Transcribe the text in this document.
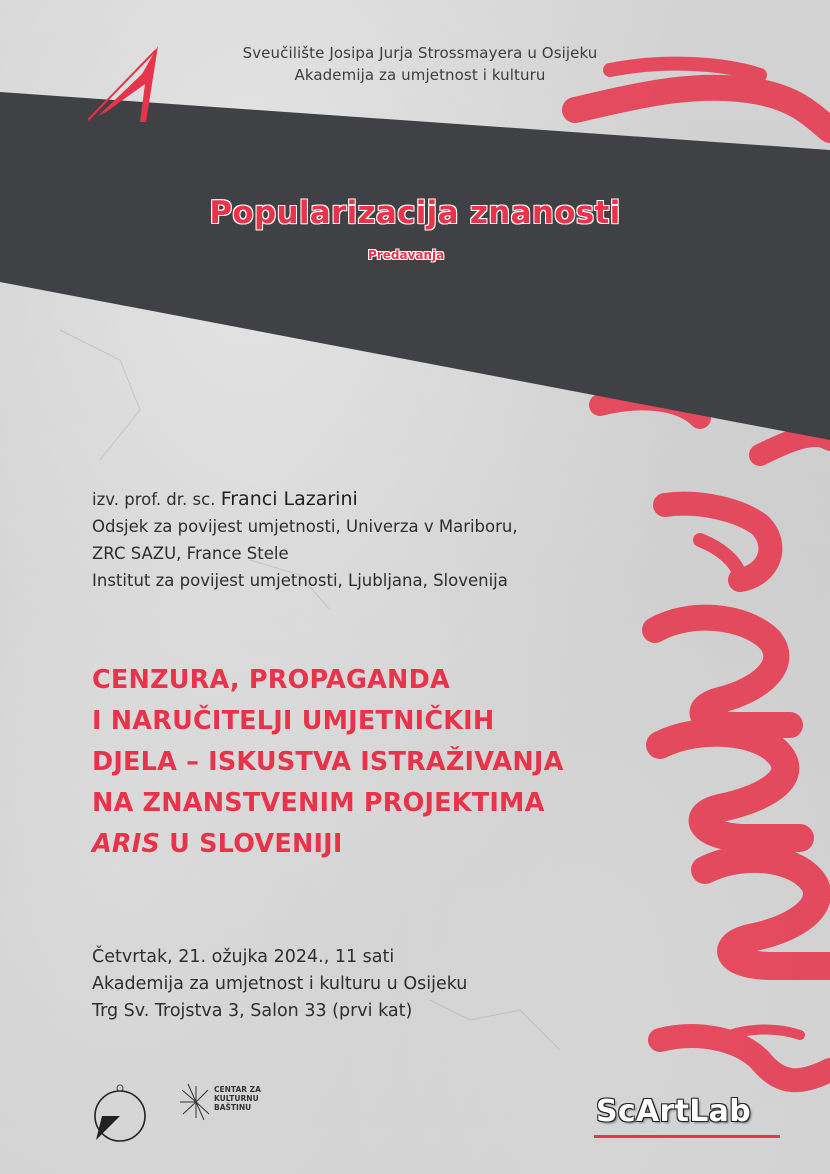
Sveučilište Josipa Jurja Strossmayera u Osijeku
Akademija za umjetnost i kulturu
Popularizacija znanosti
Predavanja
izv. prof. dr. sc. Franci Lazarini
Odsjek za povijest umjetnosti, Univerza v Mariboru,
ZRC SAZU, France Stele
Institut za povijest umjetnosti, Ljubljana, Slovenija
CENZURA, PROPAGANDA
I NARUČITELJI UMJETNIČKIH
DJELA – ISKUSTVA ISTRAŽIVANJA
NA ZNANSTVENIM PROJEKTIMA
ARIS U SLOVENIJI
Četvrtak, 21. ožujka 2024., 11 sati
Akademija za umjetnost i kulturu u Osijeku
Trg Sv. Trojstva 3, Salon 33 (prvi kat)
CENTAR ZA
KULTURNU
BAŠTINU	ScArtLab
